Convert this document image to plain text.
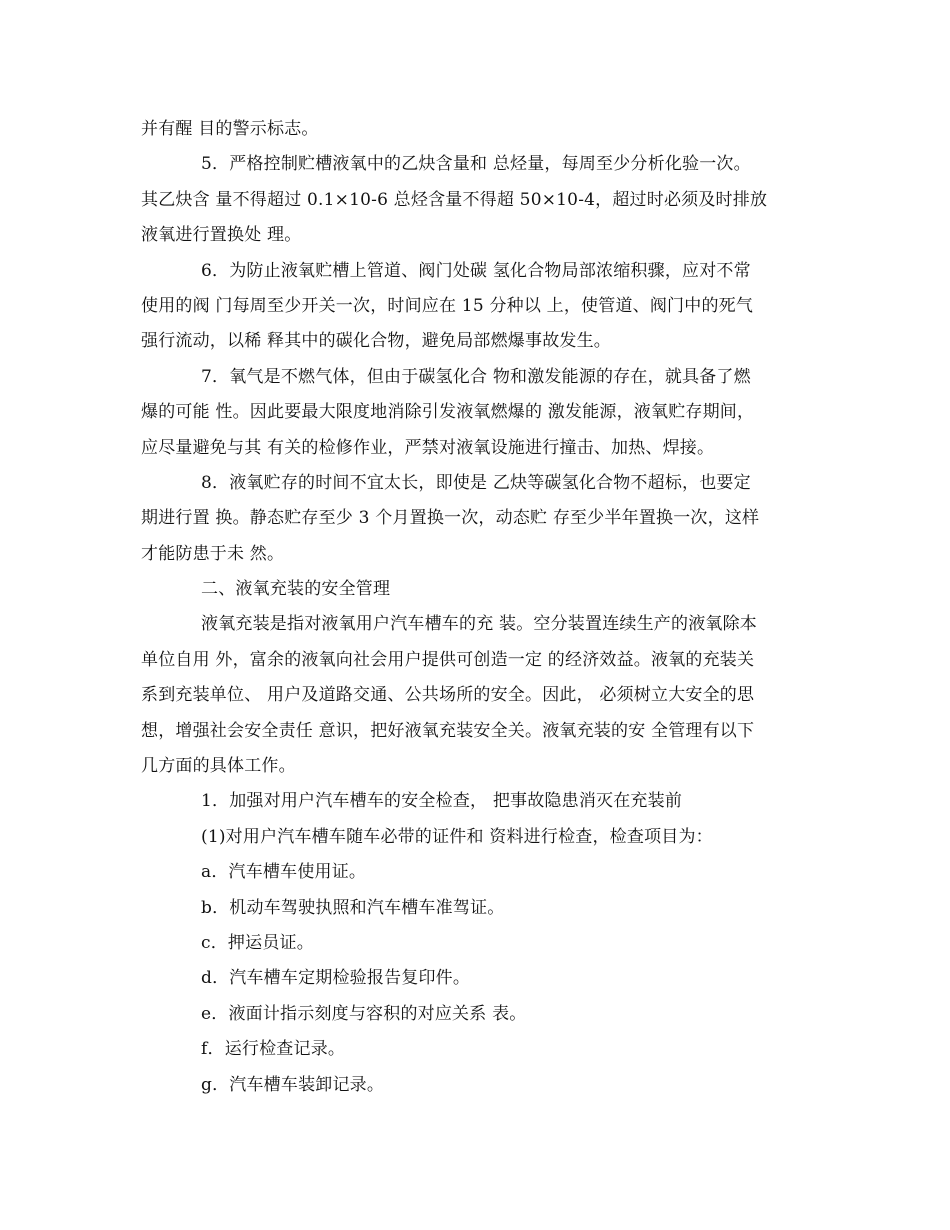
并有醒 目的警示标志。
5．严格控制贮槽液氧中的乙炔含量和 总烃量，每周至少分析化验一次。
其乙炔含 量不得超过 0.1×10-6 总烃含量不得超 50×10-4，超过时必须及时排放
液氧进行置换处 理。
6．为防止液氧贮槽上管道、阀门处碳 氢化合物局部浓缩积骤，应对不常
使用的阀 门每周至少开关一次，时间应在 15 分种以 上，使管道、阀门中的死气
强行流动，以稀 释其中的碳化合物，避免局部燃爆事故发生。
7．氧气是不燃气体，但由于碳氢化合 物和激发能源的存在，就具备了燃
爆的可能 性。因此要最大限度地消除引发液氧燃爆的 激发能源，液氧贮存期间，
应尽量避免与其 有关的检修作业，严禁对液氧设施进行撞击、加热、焊接。
8．液氧贮存的时间不宜太长，即使是 乙炔等碳氢化合物不超标，也要定
期进行置 换。静态贮存至少 3 个月置换一次，动态贮 存至少半年置换一次，这样
才能防患于未 然。
二、液氧充装的安全管理
液氧充装是指对液氧用户汽车槽车的充 装。空分装置连续生产的液氧除本
单位自用 外，富余的液氧向社会用户提供可创造一定 的经济效益。液氧的充装关
系到充装单位、 用户及道路交通、公共场所的安全。因此， 必须树立大安全的思
想，增强社会安全责任 意识，把好液氧充装安全关。液氧充装的安 全管理有以下
几方面的具体工作。
1．加强对用户汽车槽车的安全检查， 把事故隐患消灭在充装前
(1)对用户汽车槽车随车必带的证件和 资料进行检查，检查项目为：
a．汽车槽车使用证。
b．机动车驾驶执照和汽车槽车准驾证。
c．押运员证。
d．汽车槽车定期检验报告复印件。
e．液面计指示刻度与容积的对应关系 表。
f．运行检查记录。
g．汽车槽车装卸记录。
